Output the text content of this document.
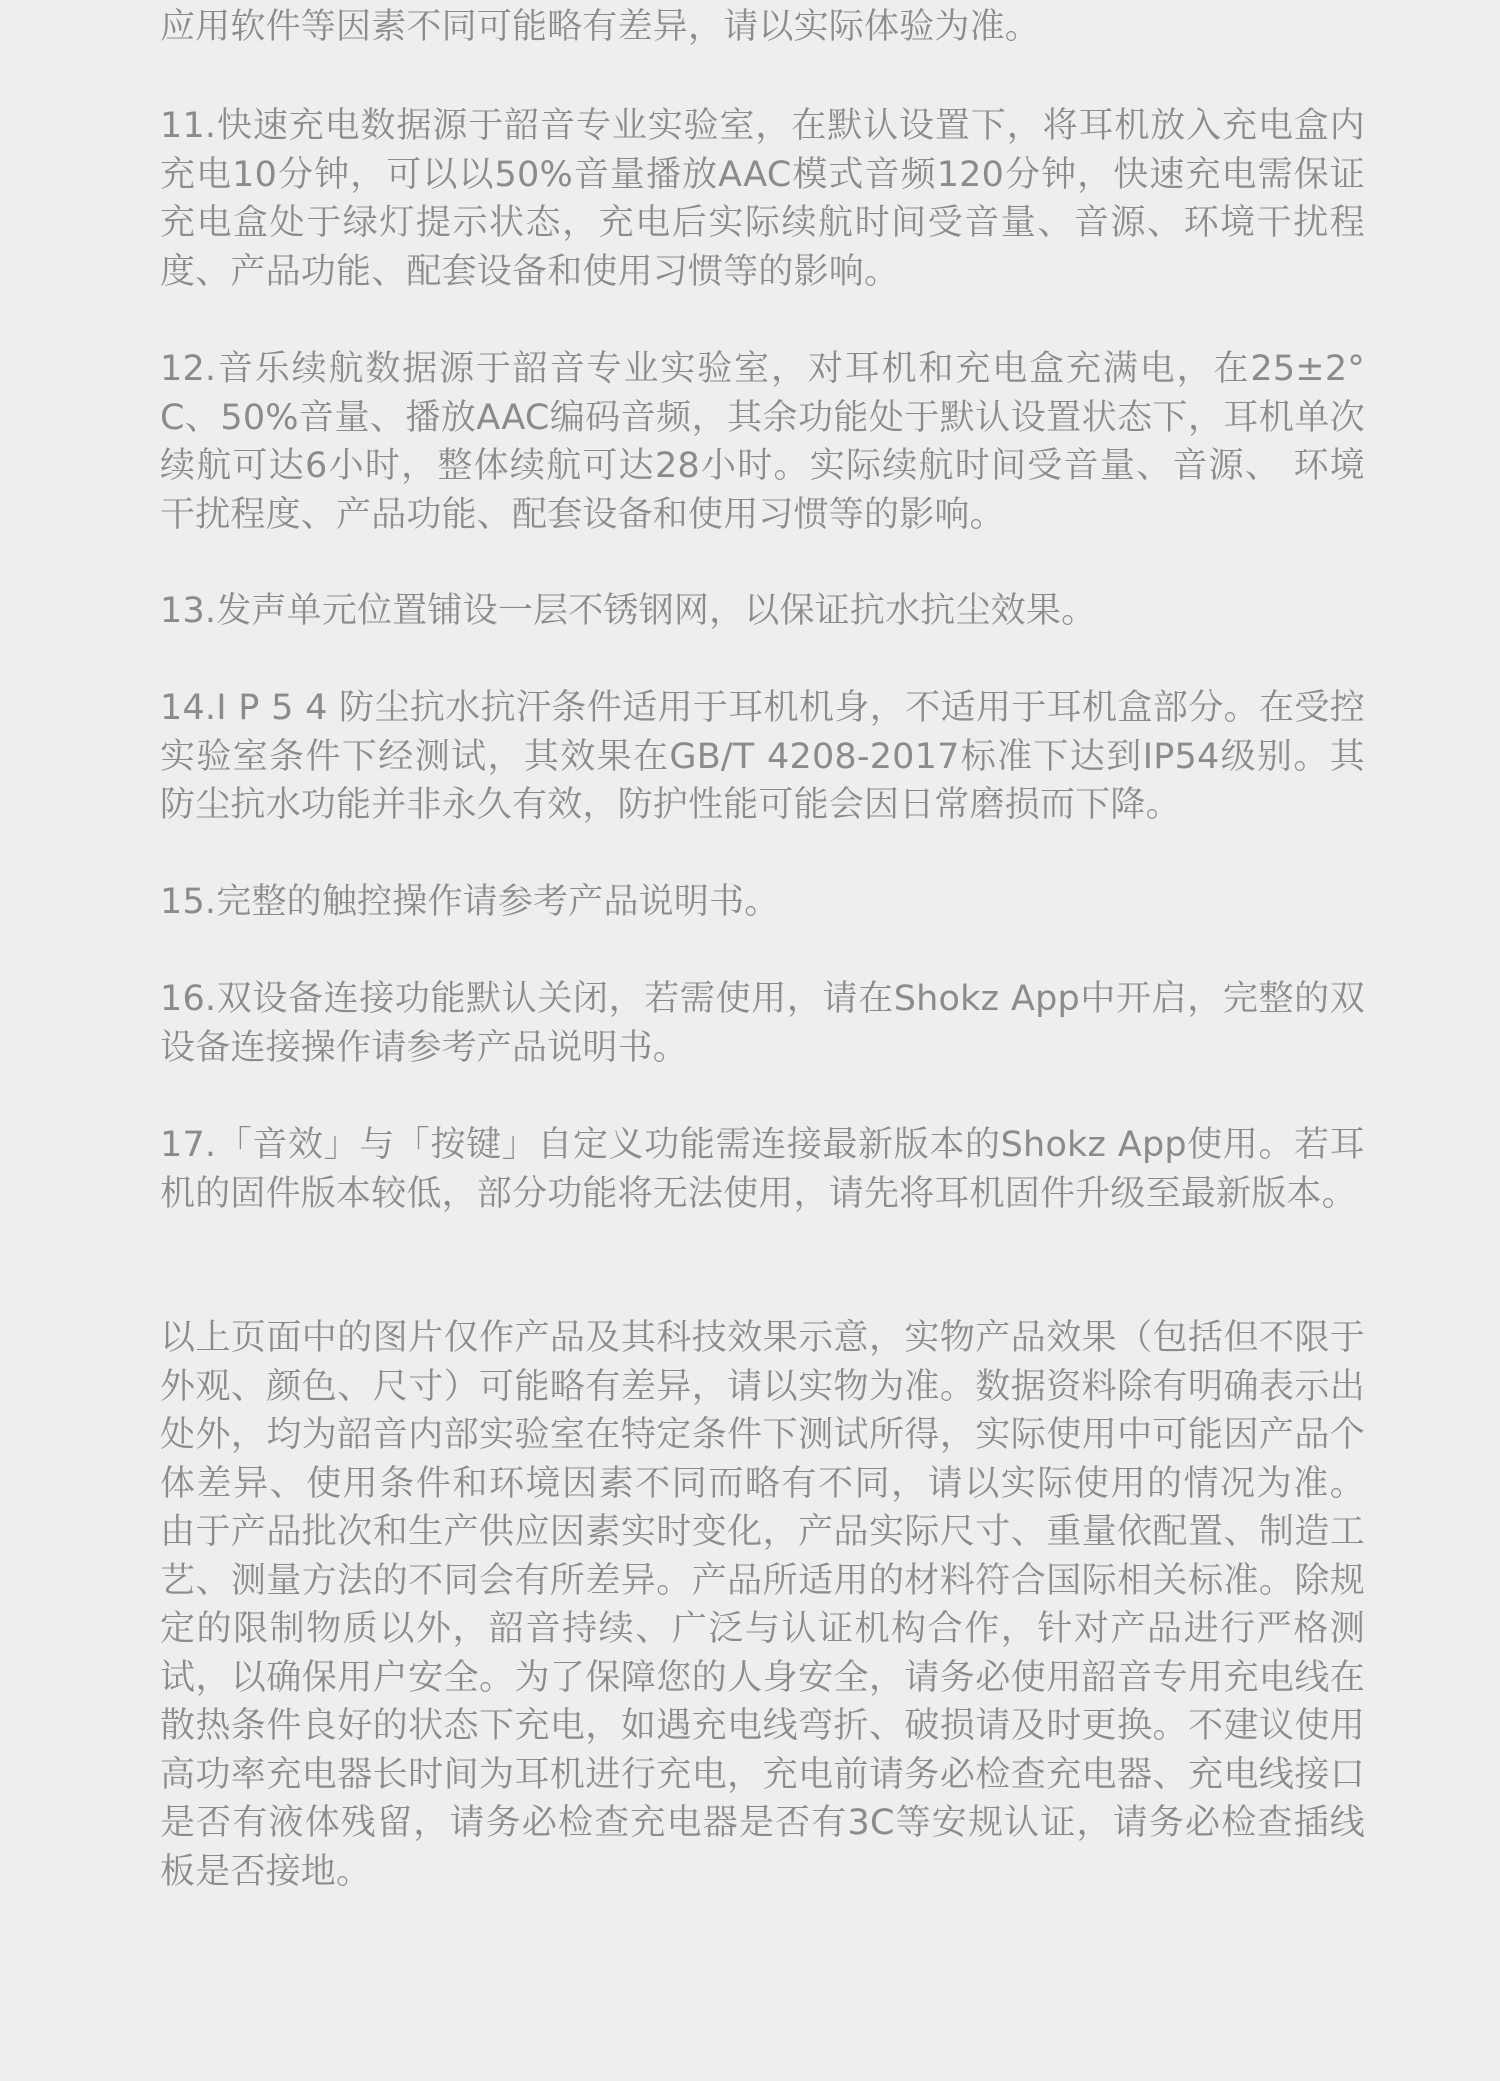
应用软件等因素不同可能略有差异，请以实际体验为准。

11.快速充电数据源于韶音专业实验室，在默认设置下，将耳机放入充电盒内充电10分钟，可以以50%音量播放AAC模式音频120分钟，快速充电需保证充电盒处于绿灯提示状态，充电后实际续航时间受音量、音源、环境干扰程度、产品功能、配套设备和使用习惯等的影响。

12.音乐续航数据源于韶音专业实验室，对耳机和充电盒充满电，在25±2°C、50%音量、播放AAC编码音频，其余功能处于默认设置状态下，耳机单次续航可达6小时，整体续航可达28小时。实际续航时间受音量、音源、 环境干扰程度、产品功能、配套设备和使用习惯等的影响。

13.发声单元位置铺设一层不锈钢网，以保证抗水抗尘效果。

14.I P 5 4 防尘抗水抗汗条件适用于耳机机身，不适用于耳机盒部分。在受控实验室条件下经测试，其效果在GB/T 4208-2017标准下达到IP54级别。其防尘抗水功能并非永久有效，防护性能可能会因日常磨损而下降。

15.完整的触控操作请参考产品说明书。

16.双设备连接功能默认关闭，若需使用，请在Shokz App中开启，完整的双设备连接操作请参考产品说明书。

17.「音效」与「按键」自定义功能需连接最新版本的Shokz App使用。若耳机的固件版本较低，部分功能将无法使用，请先将耳机固件升级至最新版本。

以上页面中的图片仅作产品及其科技效果示意，实物产品效果（包括但不限于外观、颜色、尺寸）可能略有差异，请以实物为准。数据资料除有明确表示出处外，均为韶音内部实验室在特定条件下测试所得，实际使用中可能因产品个体差异、使用条件和环境因素不同而略有不同，请以实际使用的情况为准。 由于产品批次和生产供应因素实时变化，产品实际尺寸、重量依配置、制造工艺、测量方法的不同会有所差异。产品所适用的材料符合国际相关标准。除规定的限制物质以外，韶音持续、广泛与认证机构合作，针对产品进行严格测试，以确保用户安全。为了保障您的人身安全，请务必使用韶音专用充电线在散热条件良好的状态下充电，如遇充电线弯折、破损请及时更换。不建议使用高功率充电器长时间为耳机进行充电，充电前请务必检查充电器、充电线接口是否有液体残留，请务必检查充电器是否有3C等安规认证，请务必检查插线板是否接地。
